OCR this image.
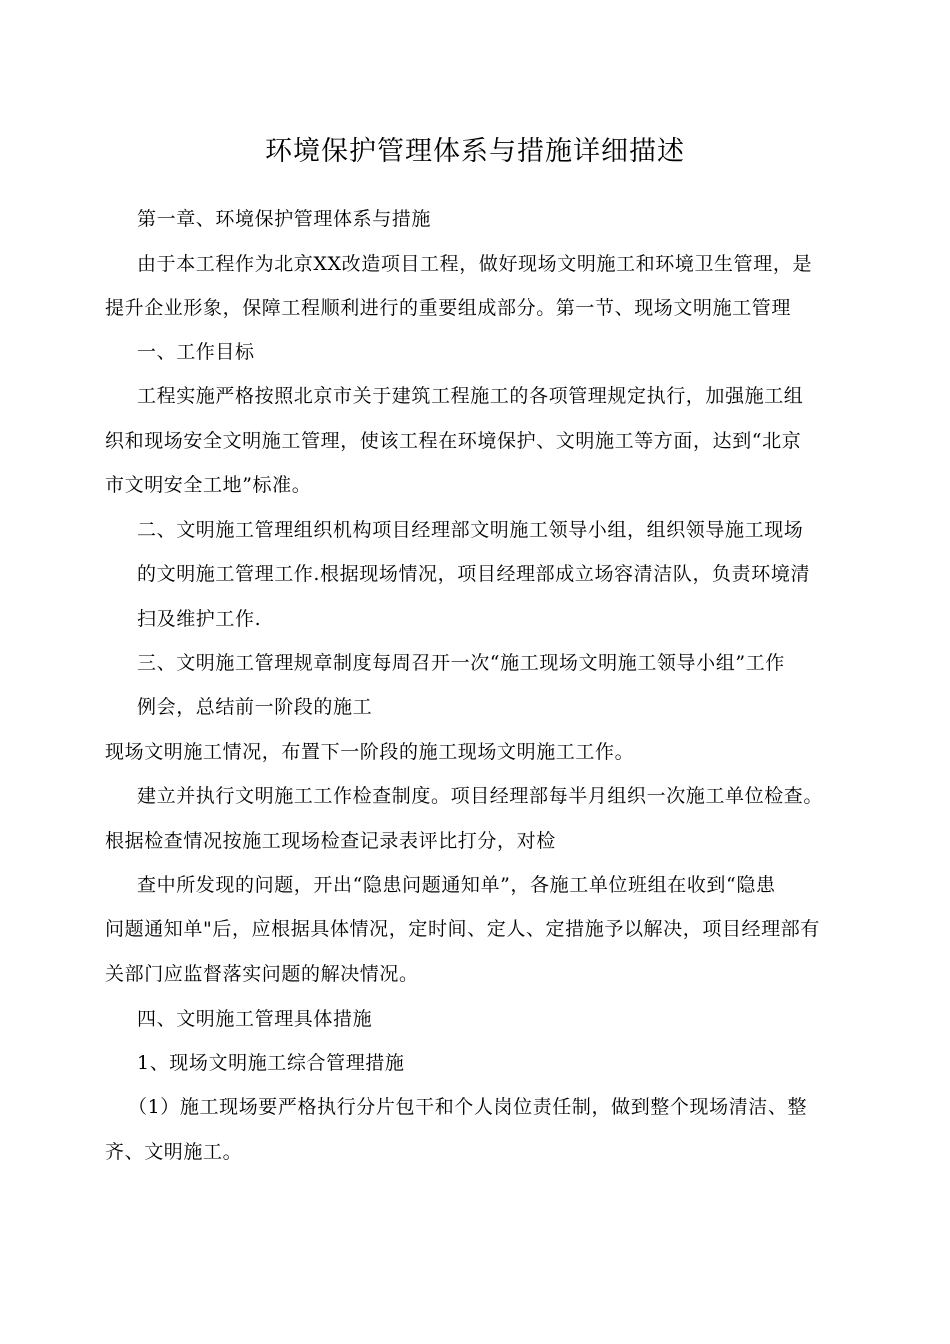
环境保护管理体系与措施详细描述
第一章、环境保护管理体系与措施
由于本工程作为北京XX改造项目工程，做好现场文明施工和环境卫生管理，是
提升企业形象，保障工程顺利进行的重要组成部分。第一节、现场文明施工管理
一、工作目标
工程实施严格按照北京市关于建筑工程施工的各项管理规定执行，加强施工组
织和现场安全文明施工管理，使该工程在环境保护、文明施工等方面，达到“北京
市文明安全工地”标准。
二、文明施工管理组织机构项目经理部文明施工领导小组，组织领导施工现场
的文明施工管理工作.根据现场情况，项目经理部成立场容清洁队，负责环境清
扫及维护工作.
三、文明施工管理规章制度每周召开一次“施工现场文明施工领导小组”工作
例会，总结前一阶段的施工
现场文明施工情况，布置下一阶段的施工现场文明施工工作。
建立并执行文明施工工作检查制度。项目经理部每半月组织一次施工单位检查。
根据检查情况按施工现场检查记录表评比打分，对检
查中所发现的问题，开出“隐患问题通知单”，各施工单位班组在收到“隐患
问题通知单"后，应根据具体情况，定时间、定人、定措施予以解决，项目经理部有
关部门应监督落实问题的解决情况。
四、文明施工管理具体措施
1、现场文明施工综合管理措施
（1）施工现场要严格执行分片包干和个人岗位责任制，做到整个现场清洁、整
齐、文明施工。
